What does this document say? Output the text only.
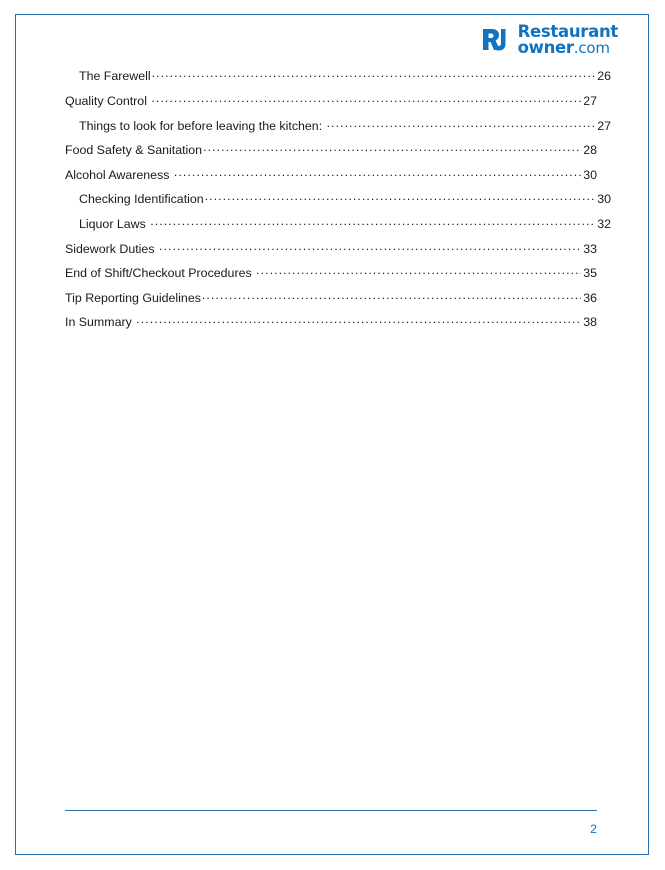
Restaurant
owner.com
The Farewell .....	26
Quality Control .....	27
Things to look for before leaving the kitchen: .....	27
Food Safety & Sanitation .....	28
Alcohol Awareness .....	30
Checking Identification .....	30
Liquor Laws .....	32
Sidework Duties .....	33
End of Shift/Checkout Procedures .....	35
Tip Reporting Guidelines .....	36
In Summary .....	38
2
